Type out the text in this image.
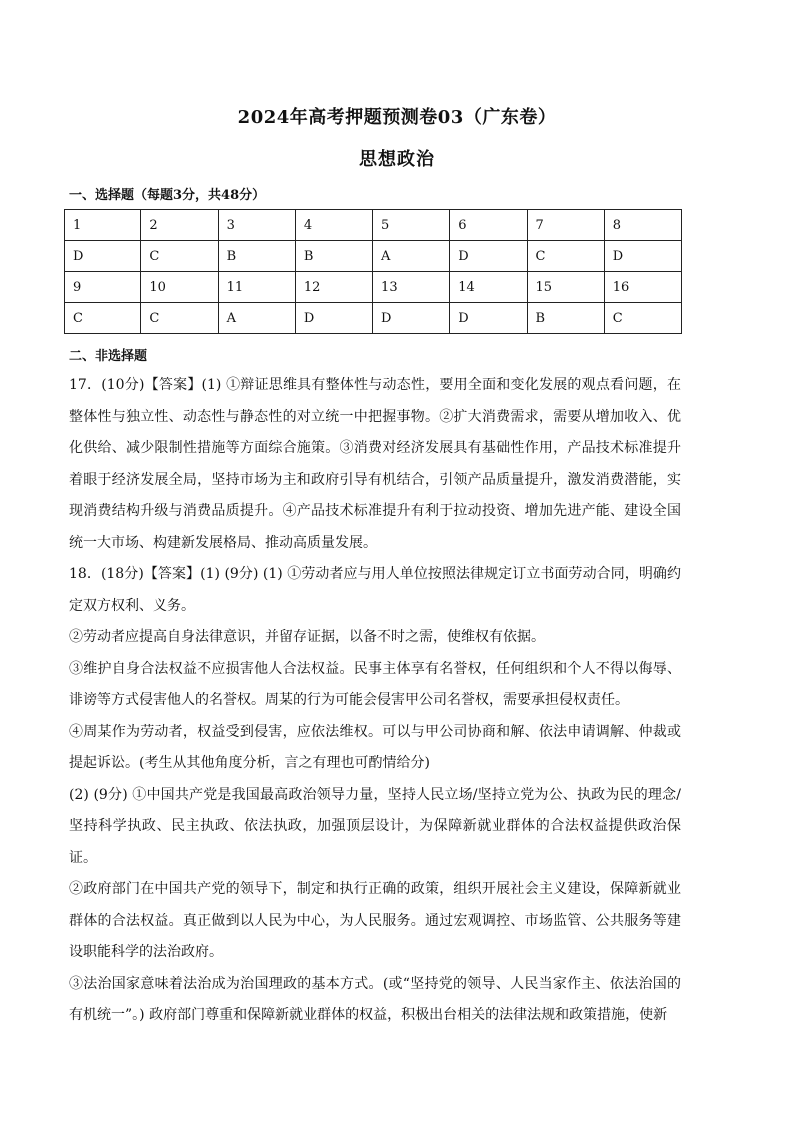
2024年高考押题预测卷03（广东卷）
思想政治
一、选择题（每题3分，共48分）
1	2	3	4	5	6	7	8
D	C	B	B	A	D	C	D
9	10	11	12	13	14	15	16
C	C	A	D	D	D	B	C
二、非选择题

17．(10分)【答案】(1) ①辩证思维具有整体性与动态性，要用全面和变化发展的观点看问题，在整体性与独立性、动态性与静态性的对立统一中把握事物。②扩大消费需求，需要从增加收入、优化供给、减少限制性措施等方面综合施策。③消费对经济发展具有基础性作用，产品技术标准提升着眼于经济发展全局，坚持市场为主和政府引导有机结合，引领产品质量提升，激发消费潜能，实现消费结构升级与消费品质提升。④产品技术标准提升有利于拉动投资、增加先进产能、建设全国统一大市场、构建新发展格局、推动高质量发展。

18．(18分)【答案】(1) (9分) (1) ①劳动者应与用人单位按照法律规定订立书面劳动合同，明确约定双方权利、义务。

②劳动者应提高自身法律意识，并留存证据，以备不时之需，使维权有依据。

③维护自身合法权益不应损害他人合法权益。民事主体享有名誉权，任何组织和个人不得以侮辱、诽谤等方式侵害他人的名誉权。周某的行为可能会侵害甲公司名誉权，需要承担侵权责任。

④周某作为劳动者，权益受到侵害，应依法维权。可以与甲公司协商和解、依法申请调解、仲裁或提起诉讼。(考生从其他角度分析，言之有理也可酌情给分)

(2) (9分) ①中国共产党是我国最高政治领导力量，坚持人民立场/坚持立党为公、执政为民的理念/坚持科学执政、民主执政、依法执政，加强顶层设计，为保障新就业群体的合法权益提供政治保证。

②政府部门在中国共产党的领导下，制定和执行正确的政策，组织开展社会主义建设，保障新就业群体的合法权益。真正做到以人民为中心，为人民服务。通过宏观调控、市场监管、公共服务等建设职能科学的法治政府。

③法治国家意味着法治成为治国理政的基本方式。(或“坚持党的领导、人民当家作主、依法治国的有机统一”。) 政府部门尊重和保障新就业群体的权益，积极出台相关的法律法规和政策措施，使新
